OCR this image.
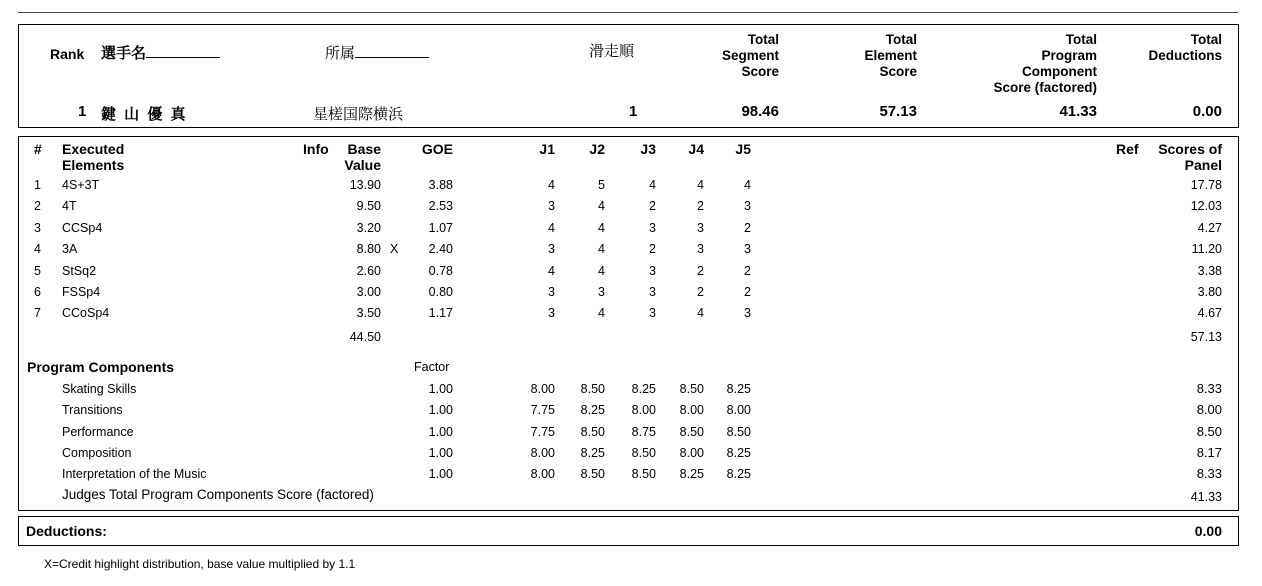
Rank 選手名	所属	滑走順
Total
Segment
Score
Total
Element
Score
Total
Program
Component
Score (factored)
Total
Deductions
1 鍵 山 優 真	星槎国際横浜	1	98.46	57.13	41.33	0.00
# Executed
Elements
Info	Base
Value
GOE	J1	J2	J3	J4	J5	Ref	Scores of
Panel
1 4S+3T	13.90	3.88	4	5	4	4	4	17.78
2 4T	9.50	2.53	3	4	2	2	3	12.03
3 CCSp4	3.20	1.07	4	4	3	3	2	4.27
4 3A	8.80 X	2.40	3	4	2	3	3	11.20
5 StSq2	2.60	0.78	4	4	3	2	2	3.38
6 FSSp4	3.00	0.80	3	3	3	2	2	3.80
7 CCoSp4	3.50	1.17	3	4	3	4	3	4.67
44.50	57.13
Program Components	Factor
Skating Skills	1.00	8.00	8.50	8.25	8.50	8.25	8.33
Transitions	1.00	7.75	8.25	8.00	8.00	8.00	8.00
Performance	1.00	7.75	8.50	8.75	8.50	8.50	8.50
Composition	1.00	8.00	8.25	8.50	8.00	8.25	8.17
Interpretation of the Music	1.00	8.00	8.50	8.50	8.25	8.25	8.33
Judges Total Program Components Score (factored)	41.33
Deductions:	0.00
X=Credit highlight distribution, base value multiplied by 1.1
